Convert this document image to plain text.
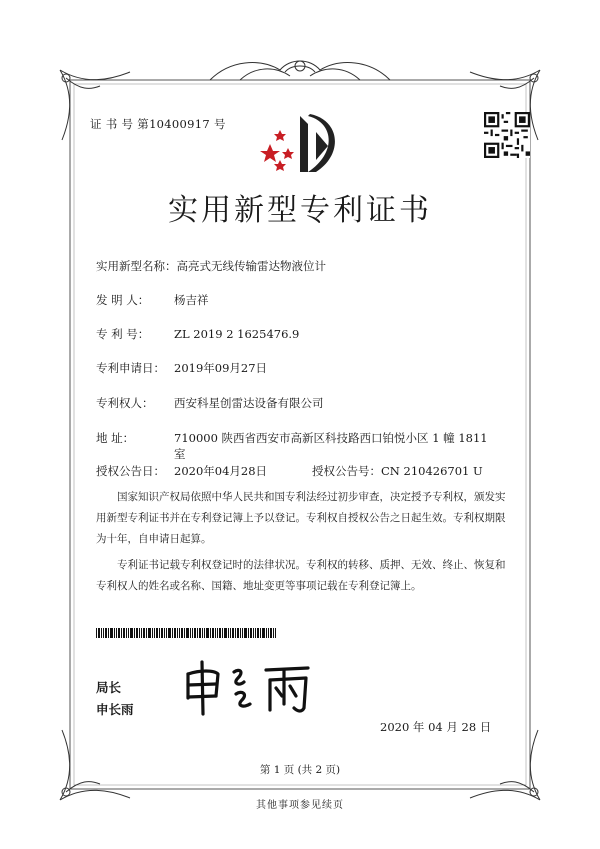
证 书 号 第10400917 号
实用新型专利证书
实用新型名称：高亮式无线传输雷达物液位计
发 明 人： 杨吉祥
专 利 号： ZL 2019 2 1625476.9
专利申请日： 2019年09月27日
专利权人： 西安科星创雷达设备有限公司
地 址：	710000 陕西省西安市高新区科技路西口铂悦小区 1 幢 1811
室
授权公告日： 2020年04月28日	授权公告号：CN 210426701 U
国家知识产权局依照中华人民共和国专利法经过初步审查，决定授予专利权，颁发实用新型专利证书并在专利登记簿上予以登记。专利权自授权公告之日起生效。专利权期限为十年，自申请日起算。
专利证书记载专利权登记时的法律状况。专利权的转移、质押、无效、终止、恢复和专利权人的姓名或名称、国籍、地址变更等事项记载在专利登记簿上。
局长
申长雨
2020 年 04 月 28 日
第 1 页 (共 2 页)
其他事项参见续页
